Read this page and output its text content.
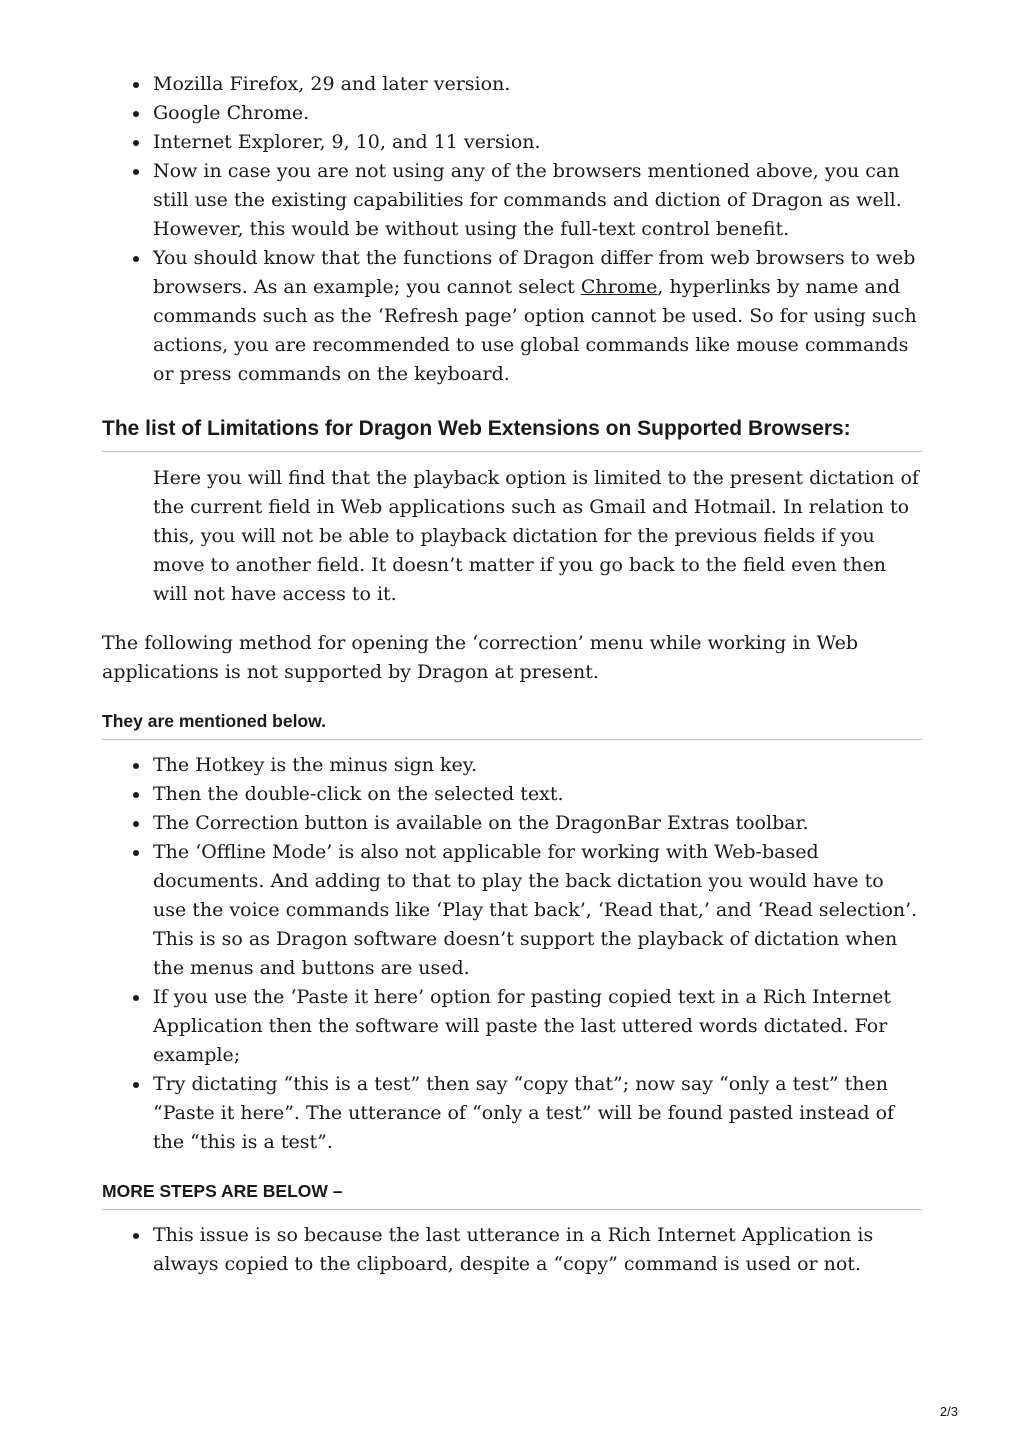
Mozilla Firefox, 29 and later version.
Google Chrome.
Internet Explorer, 9, 10, and 11 version.
Now in case you are not using any of the browsers mentioned above, you can still use the existing capabilities for commands and diction of Dragon as well. However, this would be without using the full-text control benefit.
You should know that the functions of Dragon differ from web browsers to web browsers. As an example; you cannot select Chrome, hyperlinks by name and commands such as the ‘Refresh page’ option cannot be used. So for using such actions, you are recommended to use global commands like mouse commands or press commands on the keyboard.
The list of Limitations for Dragon Web Extensions on Supported Browsers:

Here you will find that the playback option is limited to the present dictation of the current field in Web applications such as Gmail and Hotmail. In relation to this, you will not be able to playback dictation for the previous fields if you move to another field. It doesn’t matter if you go back to the field even then will not have access to it.

The following method for opening the ‘correction’ menu while working in Web applications is not supported by Dragon at present.

They are mentioned below.
The Hotkey is the minus sign key.
Then the double-click on the selected text.
The Correction button is available on the DragonBar Extras toolbar.
The ‘Offline Mode’ is also not applicable for working with Web-based documents. And adding to that to play the back dictation you would have to use the voice commands like ‘Play that back’, ‘Read that,’ and ‘Read selection’. This is so as Dragon software doesn’t support the playback of dictation when the menus and buttons are used.
If you use the ‘Paste it here’ option for pasting copied text in a Rich Internet Application then the software will paste the last uttered words dictated. For example;
Try dictating “this is a test” then say “copy that”; now say “only a test” then “Paste it here”. The utterance of “only a test” will be found pasted instead of the “this is a test”.
MORE STEPS ARE BELOW –
This issue is so because the last utterance in a Rich Internet Application is always copied to the clipboard, despite a “copy” command is used or not.
2/3
